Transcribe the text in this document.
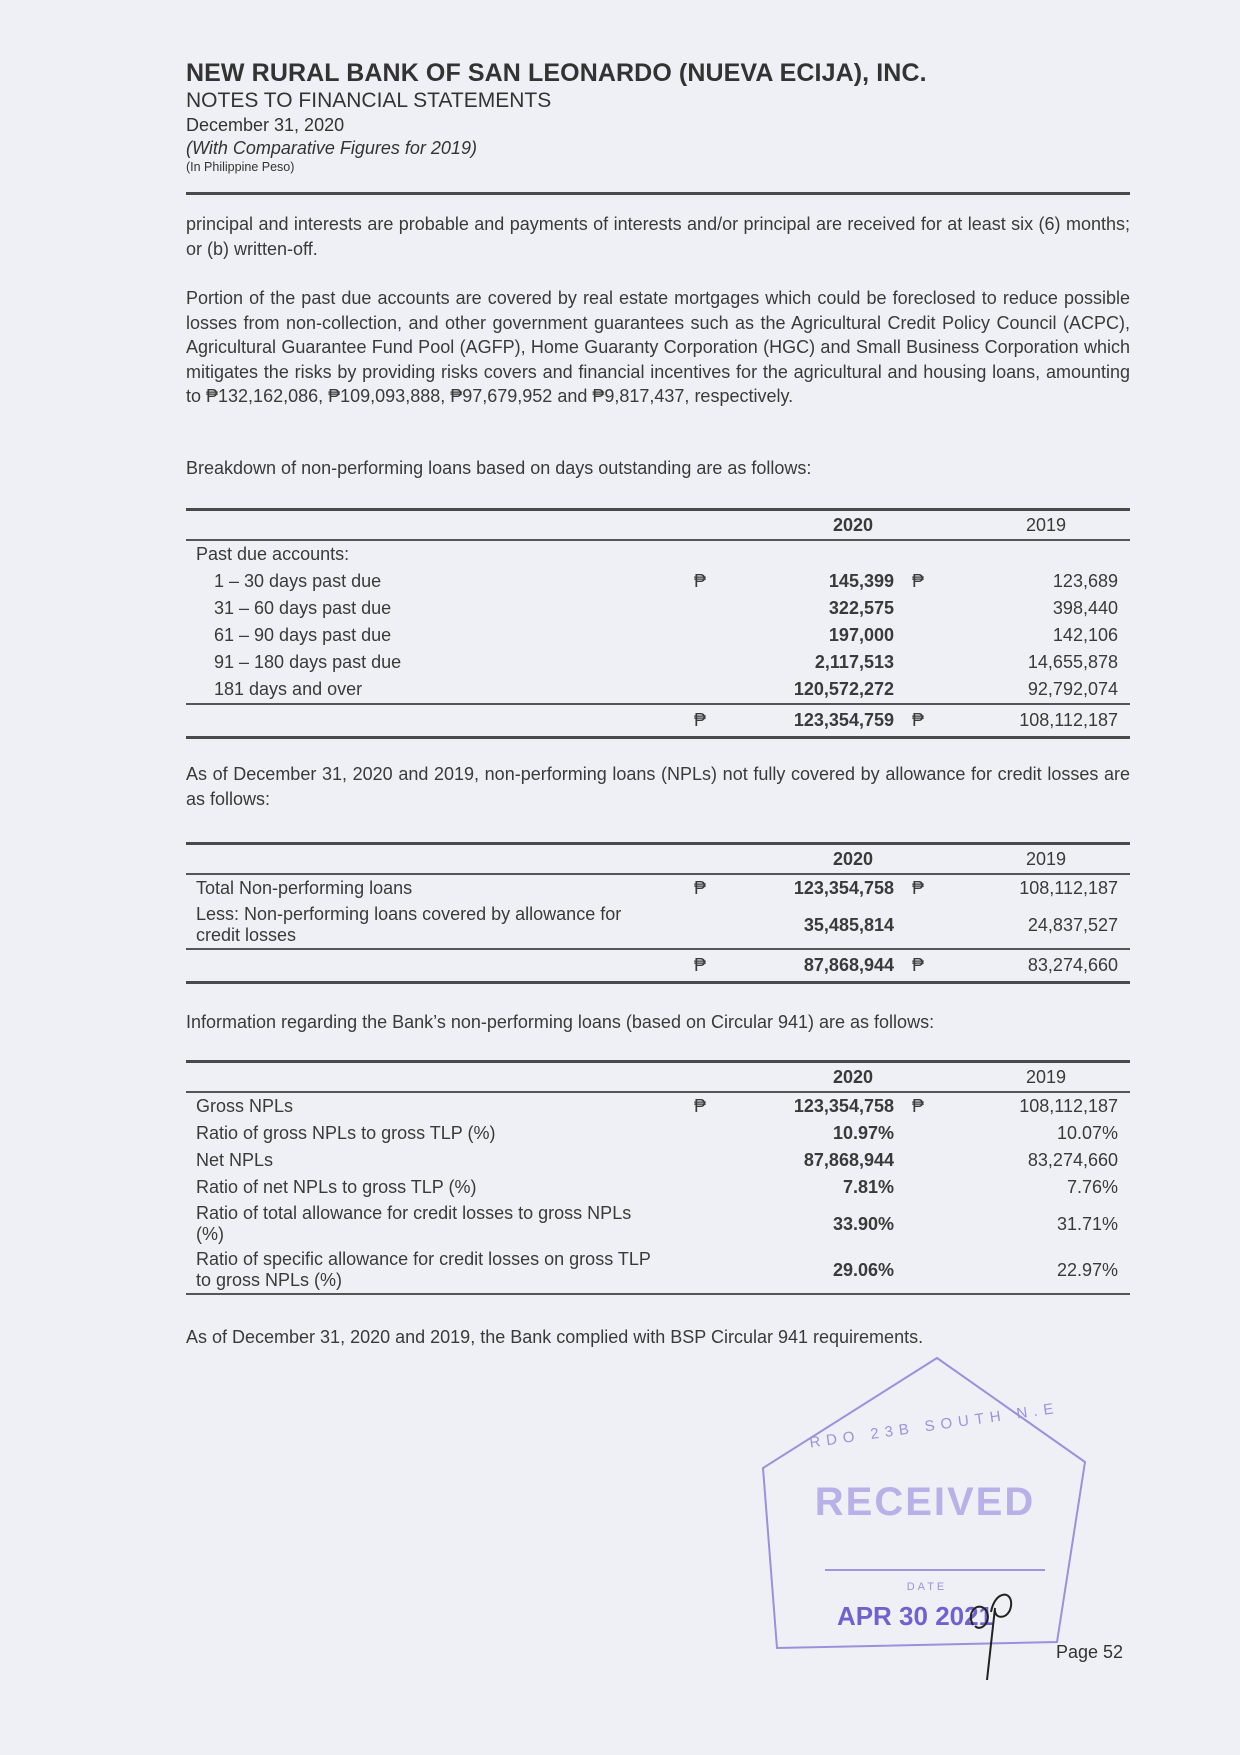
NEW RURAL BANK OF SAN LEONARDO (NUEVA ECIJA), INC.
NOTES TO FINANCIAL STATEMENTS
December 31, 2020
(With Comparative Figures for 2019)
(In Philippine Peso)
principal and interests are probable and payments of interests and/or principal are received for at least six (6) months; or (b) written-off.
Portion of the past due accounts are covered by real estate mortgages which could be foreclosed to reduce possible losses from non-collection, and other government guarantees such as the Agricultural Credit Policy Council (ACPC), Agricultural Guarantee Fund Pool (AGFP), Home Guaranty Corporation (HGC) and Small Business Corporation which mitigates the risks by providing risks covers and financial incentives for the agricultural and housing loans, amounting to ₱132,162,086, ₱109,093,888, ₱97,679,952 and ₱9,817,437, respectively.
Breakdown of non-performing loans based on days outstanding are as follows:
2020	2019
Past due accounts:
1 – 30 days past due	₱	145,399 ₱	123,689
31 – 60 days past due	322,575	398,440
61 – 90 days past due	197,000	142,106
91 – 180 days past due	2,117,513	14,655,878
181 days and over	120,572,272	92,792,074
₱	123,354,759 ₱	108,112,187
As of December 31, 2020 and 2019, non-performing loans (NPLs) not fully covered by allowance for credit losses are as follows:
2020	2019
Total Non-performing loans	₱	123,354,758 ₱	108,112,187
Less: Non-performing loans covered by allowance for credit losses	35,485,814	24,837,527
₱	87,868,944 ₱	83,274,660
Information regarding the Bank’s non-performing loans (based on Circular 941) are as follows:
2020	2019
Gross NPLs	₱	123,354,758 ₱	108,112,187
Ratio of gross NPLs to gross TLP (%)	10.97%	10.07%
Net NPLs	87,868,944	83,274,660
Ratio of net NPLs to gross TLP (%)	7.81%	7.76%
Ratio of total allowance for credit losses to gross NPLs (%)	33.90%	31.71%
Ratio of specific allowance for credit losses on gross TLP to gross NPLs (%)	29.06%	22.97%
As of December 31, 2020 and 2019, the Bank complied with BSP Circular 941 requirements.
RDO 23B SOUTH N.E
RECEIVED
DATE
APR 30 2021
Page 52
